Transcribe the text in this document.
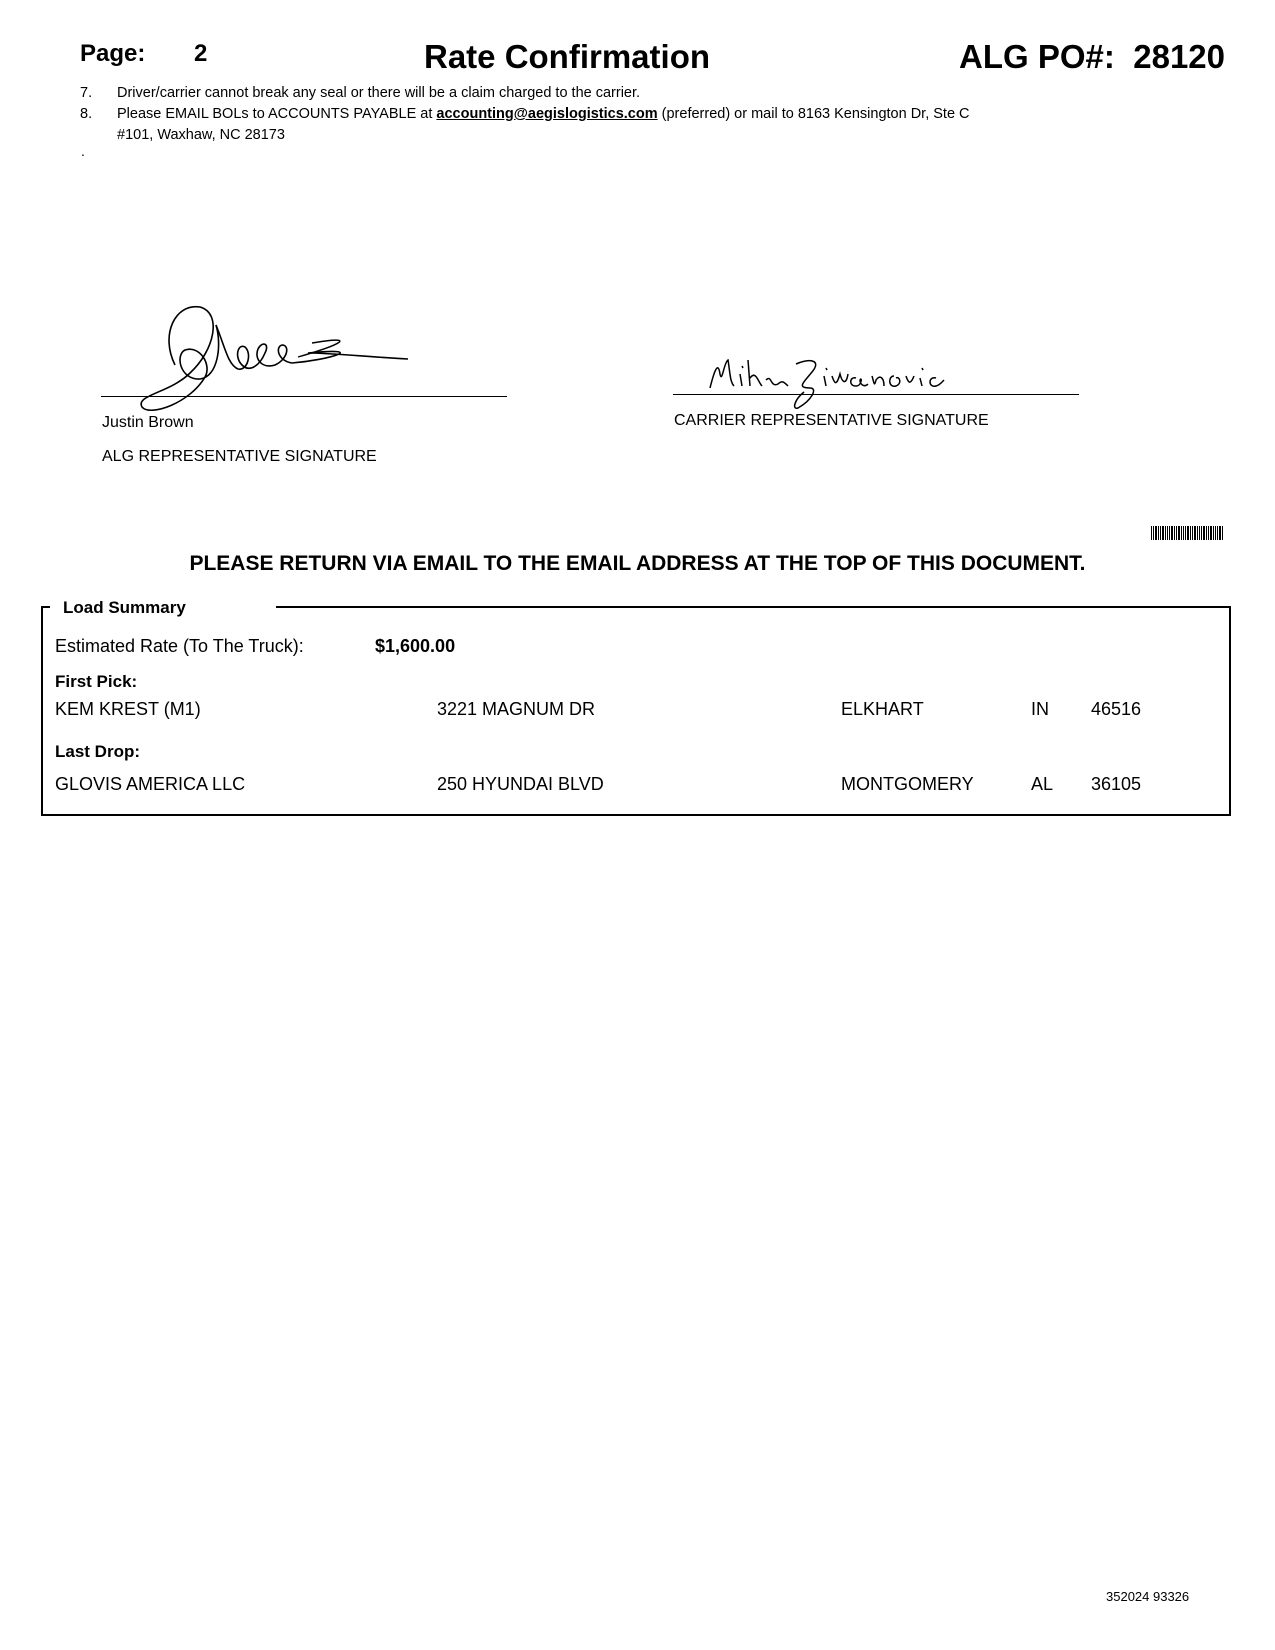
Page: 2	Rate Confirmation	ALG PO#: 28120
7.	Driver/carrier cannot break any seal or there will be a claim charged to the carrier.
8.	Please EMAIL BOLs to ACCOUNTS PAYABLE at accounting@aegislogistics.com (preferred) or mail to 8163 Kensington Dr, Ste C
#101, Waxhaw, NC 28173
.
Justin Brown
ALG REPRESENTATIVE SIGNATURE
CARRIER REPRESENTATIVE SIGNATURE
PLEASE RETURN VIA EMAIL TO THE EMAIL ADDRESS AT THE TOP OF THIS DOCUMENT.
Load Summary
Estimated Rate (To The Truck):	$1,600.00
First Pick:
KEM KREST (M1)	3221 MAGNUM DR	ELKHART	IN 46516
Last Drop:
GLOVIS AMERICA LLC	250 HYUNDAI BLVD	MONTGOMERY	AL 36105
352024 93326
